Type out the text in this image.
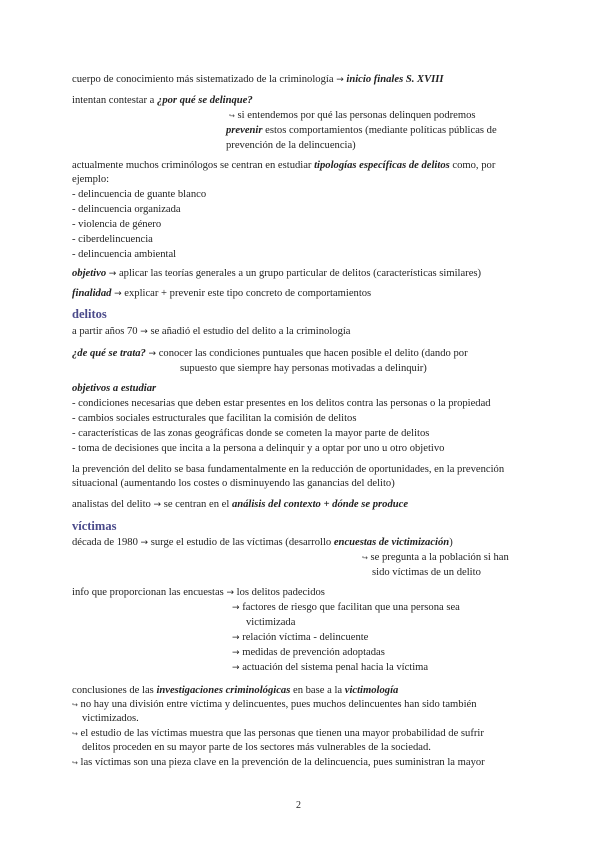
cuerpo de conocimiento más sistematizado de la criminología → inicio finales S. XVIII
intentan contestar a ¿por qué se delinque?
↪ si entendemos por qué las personas delinquen podremos
prevenir estos comportamientos (mediante políticas públicas de
prevención de la delincuencia)
actualmente muchos criminólogos se centran en estudiar tipologías específicas de delitos como, por
ejemplo:
- delincuencia de guante blanco
- delincuencia organizada
- violencia de género
- ciberdelincuencia
- delincuencia ambiental
objetivo → aplicar las teorías generales a un grupo particular de delitos (características similares)
finalidad → explicar + prevenir este tipo concreto de comportamientos
delitos
a partir años 70 → se añadió el estudio del delito a la criminología
¿de qué se trata? → conocer las condiciones puntuales que hacen posible el delito (dando por
supuesto que siempre hay personas motivadas a delinquir)
objetivos a estudiar
- condiciones necesarias que deben estar presentes en los delitos contra las personas o la propiedad
- cambios sociales estructurales que facilitan la comisión de delitos
- características de las zonas geográficas donde se cometen la mayor parte de delitos
- toma de decisiones que incita a la persona a delinquir y a optar por uno u otro objetivo
la prevención del delito se basa fundamentalmente en la reducción de oportunidades, en la prevención
situacional (aumentando los costes o disminuyendo las ganancias del delito)
analistas del delito → se centran en el análisis del contexto + dónde se produce
víctimas
década de 1980 → surge el estudio de las víctimas (desarrollo encuestas de victimización)
↪ se pregunta a la población si han
sido víctimas de un delito
info que proporcionan las encuestas → los delitos padecidos
→ factores de riesgo que facilitan que una persona sea
victimizada
→ relación víctima - delincuente
→ medidas de prevención adoptadas
→ actuación del sistema penal hacia la víctima
conclusiones de las investigaciones criminológicas en base a la victimología
↪ no hay una división entre víctima y delincuentes, pues muchos delincuentes han sido también
victimizados.
↪ el estudio de las víctimas muestra que las personas que tienen una mayor probabilidad de sufrir
delitos proceden en su mayor parte de los sectores más vulnerables de la sociedad.
↪ las víctimas son una pieza clave en la prevención de la delincuencia, pues suministran la mayor
2
